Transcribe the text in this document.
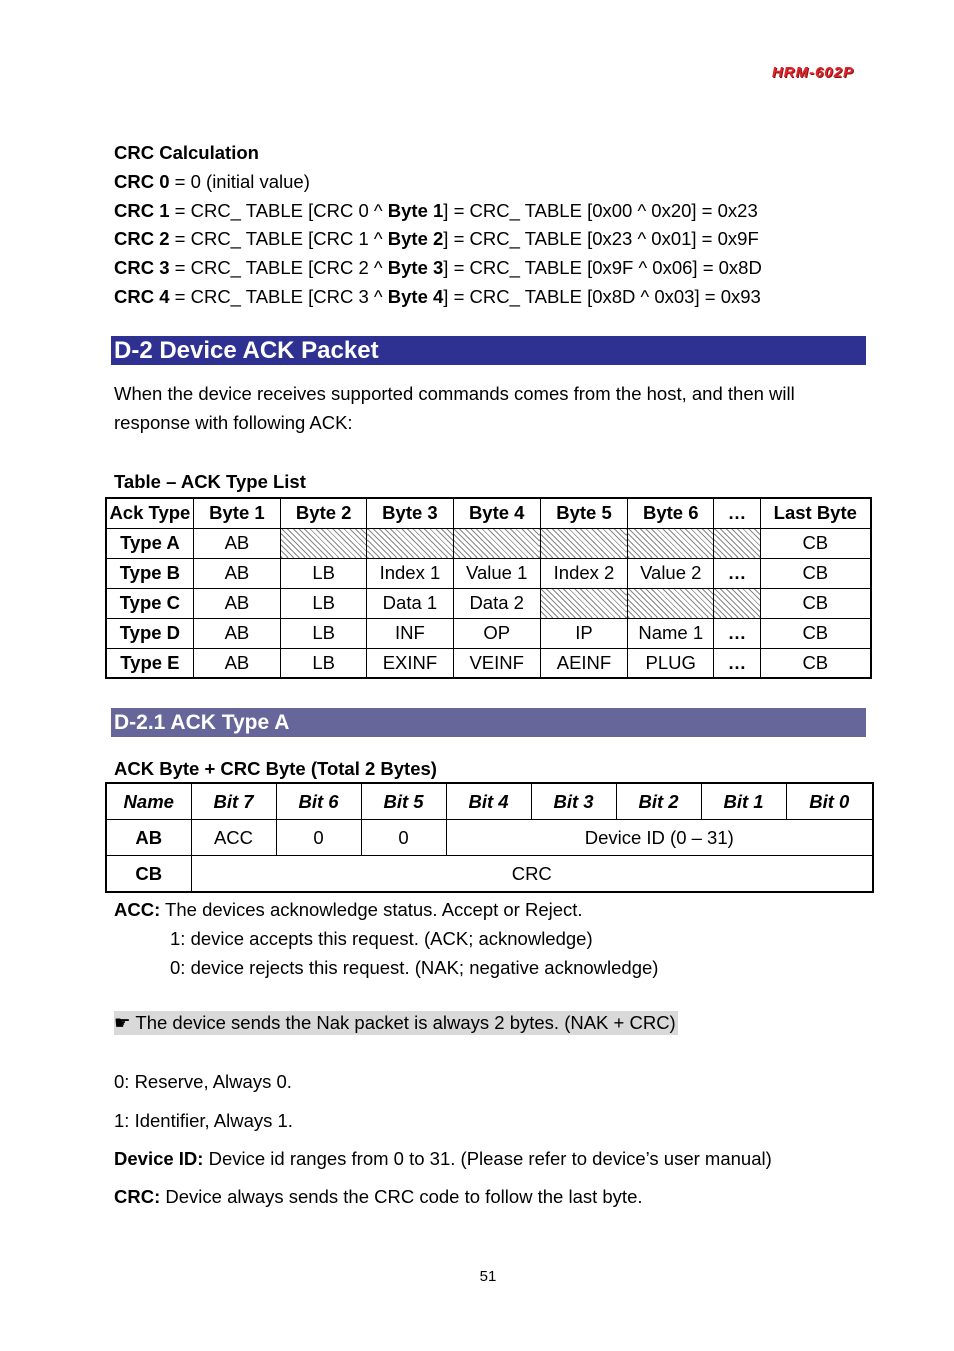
HRM-602P
CRC Calculation
CRC 0 = 0 (initial value)
CRC 1 = CRC_ TABLE [CRC 0 ^ Byte 1] = CRC_ TABLE [0x00 ^ 0x20] = 0x23
CRC 2 = CRC_ TABLE [CRC 1 ^ Byte 2] = CRC_ TABLE [0x23 ^ 0x01] = 0x9F
CRC 3 = CRC_ TABLE [CRC 2 ^ Byte 3] = CRC_ TABLE [0x9F ^ 0x06] = 0x8D
CRC 4 = CRC_ TABLE [CRC 3 ^ Byte 4] = CRC_ TABLE [0x8D ^ 0x03] = 0x93
D-2 Device ACK Packet
When the device receives supported commands comes from the host, and then will
response with following ACK:
Table – ACK Type List
Ack Type	Byte 1	Byte 2	Byte 3	Byte 4	Byte 5	Byte 6	…	Last Byte
Type A	AB							CB
Type B	AB	LB	Index 1	Value 1	Index 2	Value 2	…	CB
Type C	AB	LB	Data 1	Data 2				CB
Type D	AB	LB	INF	OP	IP	Name 1	…	CB
Type E	AB	LB	EXINF	VEINF	AEINF	PLUG	…	CB
D-2.1 ACK Type A
ACK Byte + CRC Byte (Total 2 Bytes)
Name	Bit 7	Bit 6	Bit 5	Bit 4	Bit 3	Bit 2	Bit 1	Bit 0
AB	ACC	0	0	Device ID (0 – 31)				
CB	CRC							
ACC: The devices acknowledge status. Accept or Reject.
1: device accepts this request. (ACK; acknowledge)
0: device rejects this request. (NAK; negative acknowledge)
☛ The device sends the Nak packet is always 2 bytes. (NAK + CRC)
0: Reserve, Always 0.
1: Identifier, Always 1.
Device ID: Device id ranges from 0 to 31. (Please refer to device’s user manual)
CRC: Device always sends the CRC code to follow the last byte.
51
